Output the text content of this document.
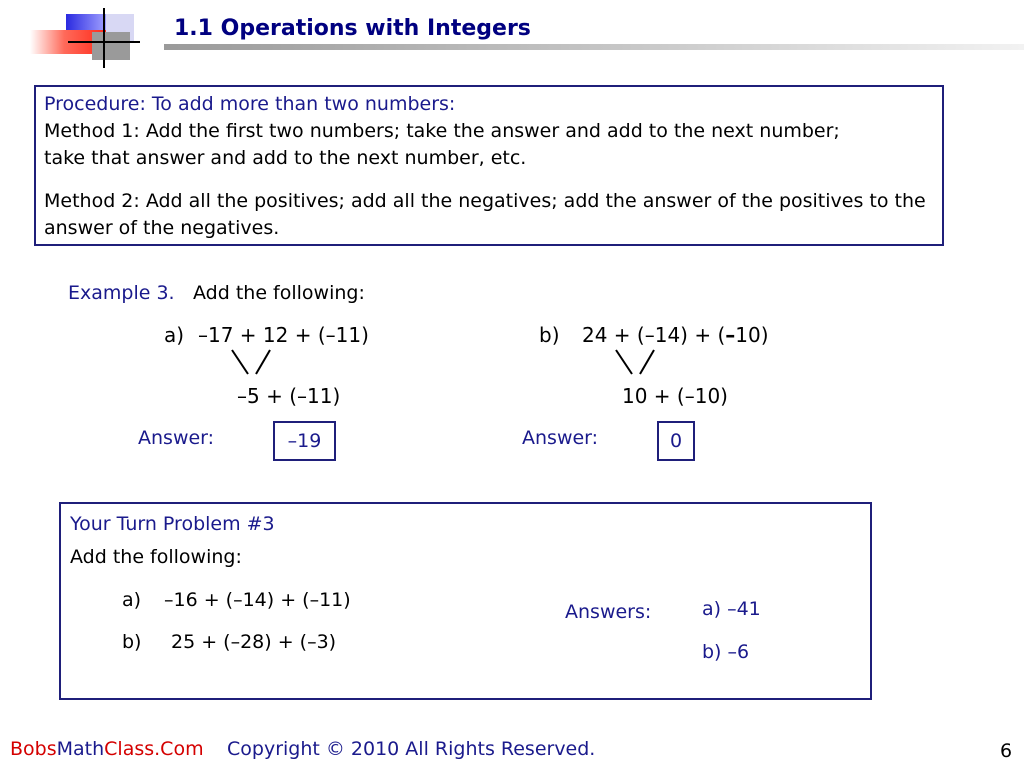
1.1 Operations with Integers
Procedure: To add more than two numbers:
Method 1: Add the first two numbers; take the answer and add to the next number;
take that answer and add to the next number, etc.
Method 2: Add all the positives; add all the negatives; add the answer of the positives to the answer of the negatives.
Example 3. Add the following:
a) –17 + 12 + (–11)
–5 + (–11)
Answer:	–19
b) 24 + (–14) + (–10)
10 + (–10)
Answer:	0
Your Turn Problem #3
Add the following:
a) –16 + (–14) + (–11)
b) 25 + (–28) + (–3)
Answers:	a) –41
b) –6
BobsMathClass.Com Copyright © 2010 All Rights Reserved.	6
